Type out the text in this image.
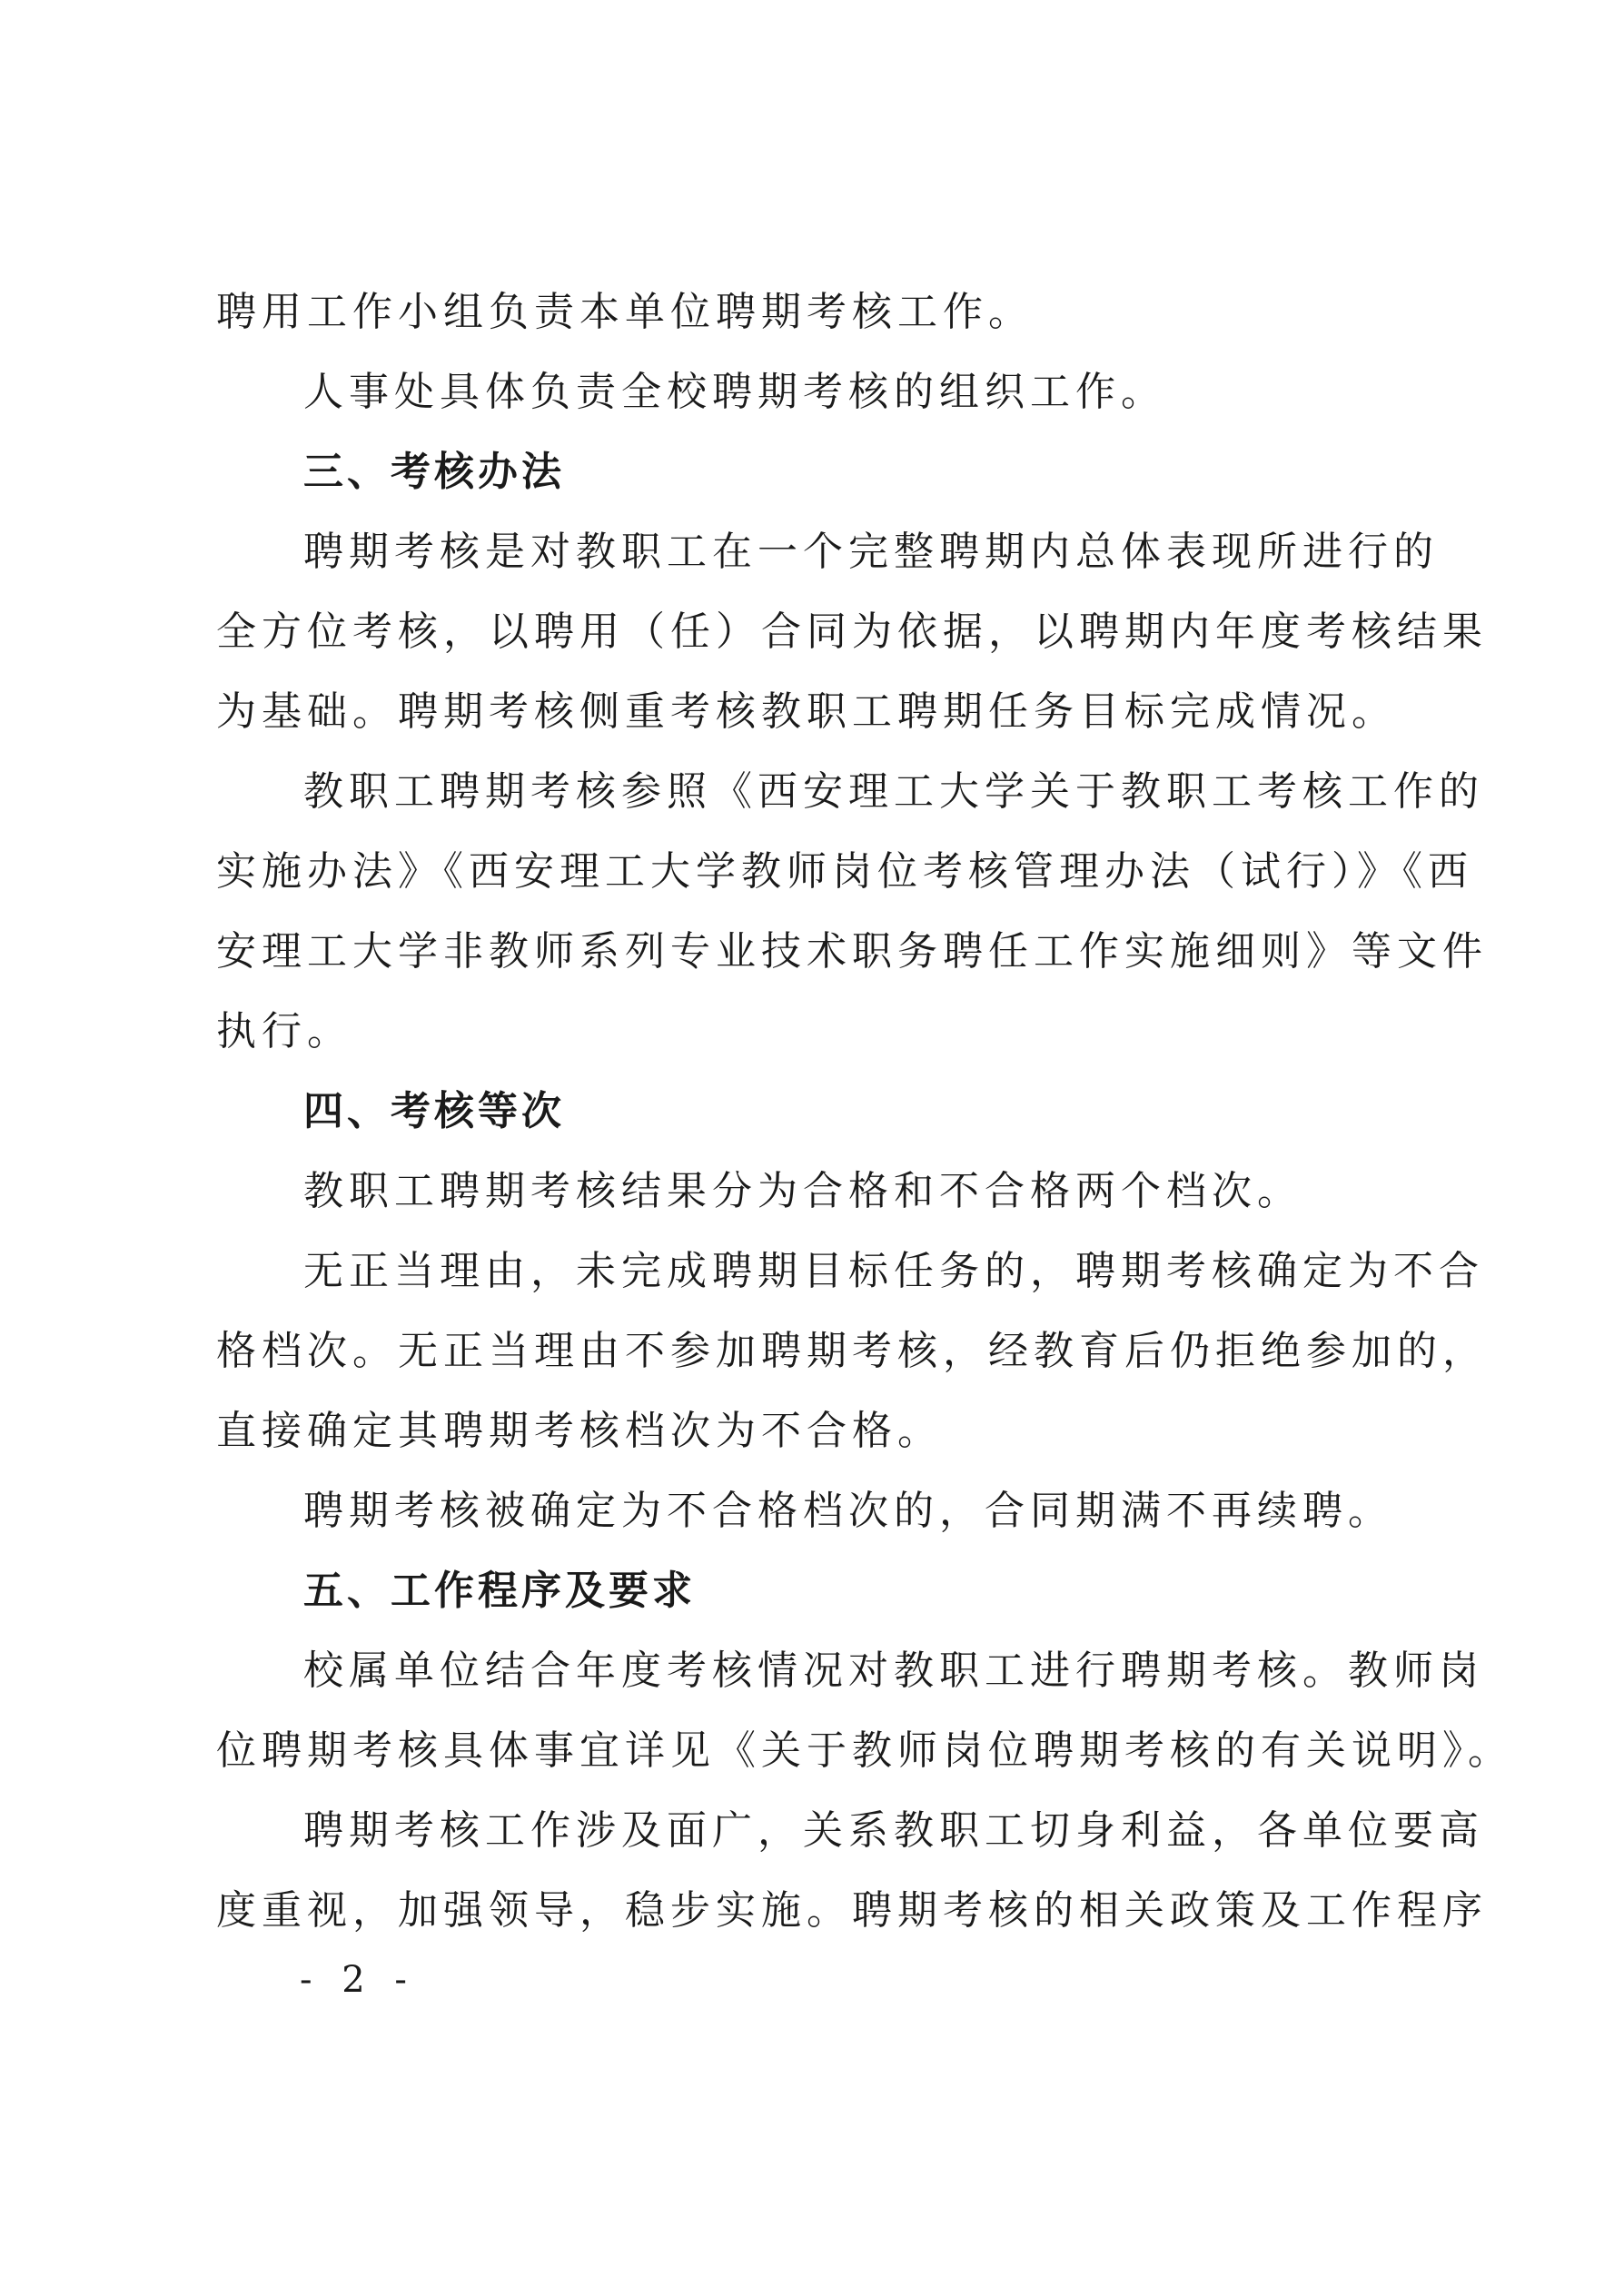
聘用工作小组负责本单位聘期考核工作。
人事处具体负责全校聘期考核的组织工作。
三、考核办法
聘期考核是对教职工在一个完整聘期内总体表现所进行的
全方位考核，以聘用（任）合同为依据，以聘期内年度考核结果
为基础。聘期考核侧重考核教职工聘期任务目标完成情况。
教职工聘期考核参照《西安理工大学关于教职工考核工作的
实施办法》《西安理工大学教师岗位考核管理办法（试行）》《西
安理工大学非教师系列专业技术职务聘任工作实施细则》等文件
执行。
四、考核等次
教职工聘期考核结果分为合格和不合格两个档次。
无正当理由，未完成聘期目标任务的，聘期考核确定为不合
格档次。无正当理由不参加聘期考核，经教育后仍拒绝参加的，
直接确定其聘期考核档次为不合格。
聘期考核被确定为不合格档次的，合同期满不再续聘。
五、工作程序及要求
校属单位结合年度考核情况对教职工进行聘期考核。教师岗
位聘期考核具体事宜详见《关于教师岗位聘期考核的有关说明》。
聘期考核工作涉及面广，关系教职工切身利益，各单位要高
度重视，加强领导，稳步实施。聘期考核的相关政策及工作程序
- 2 -
